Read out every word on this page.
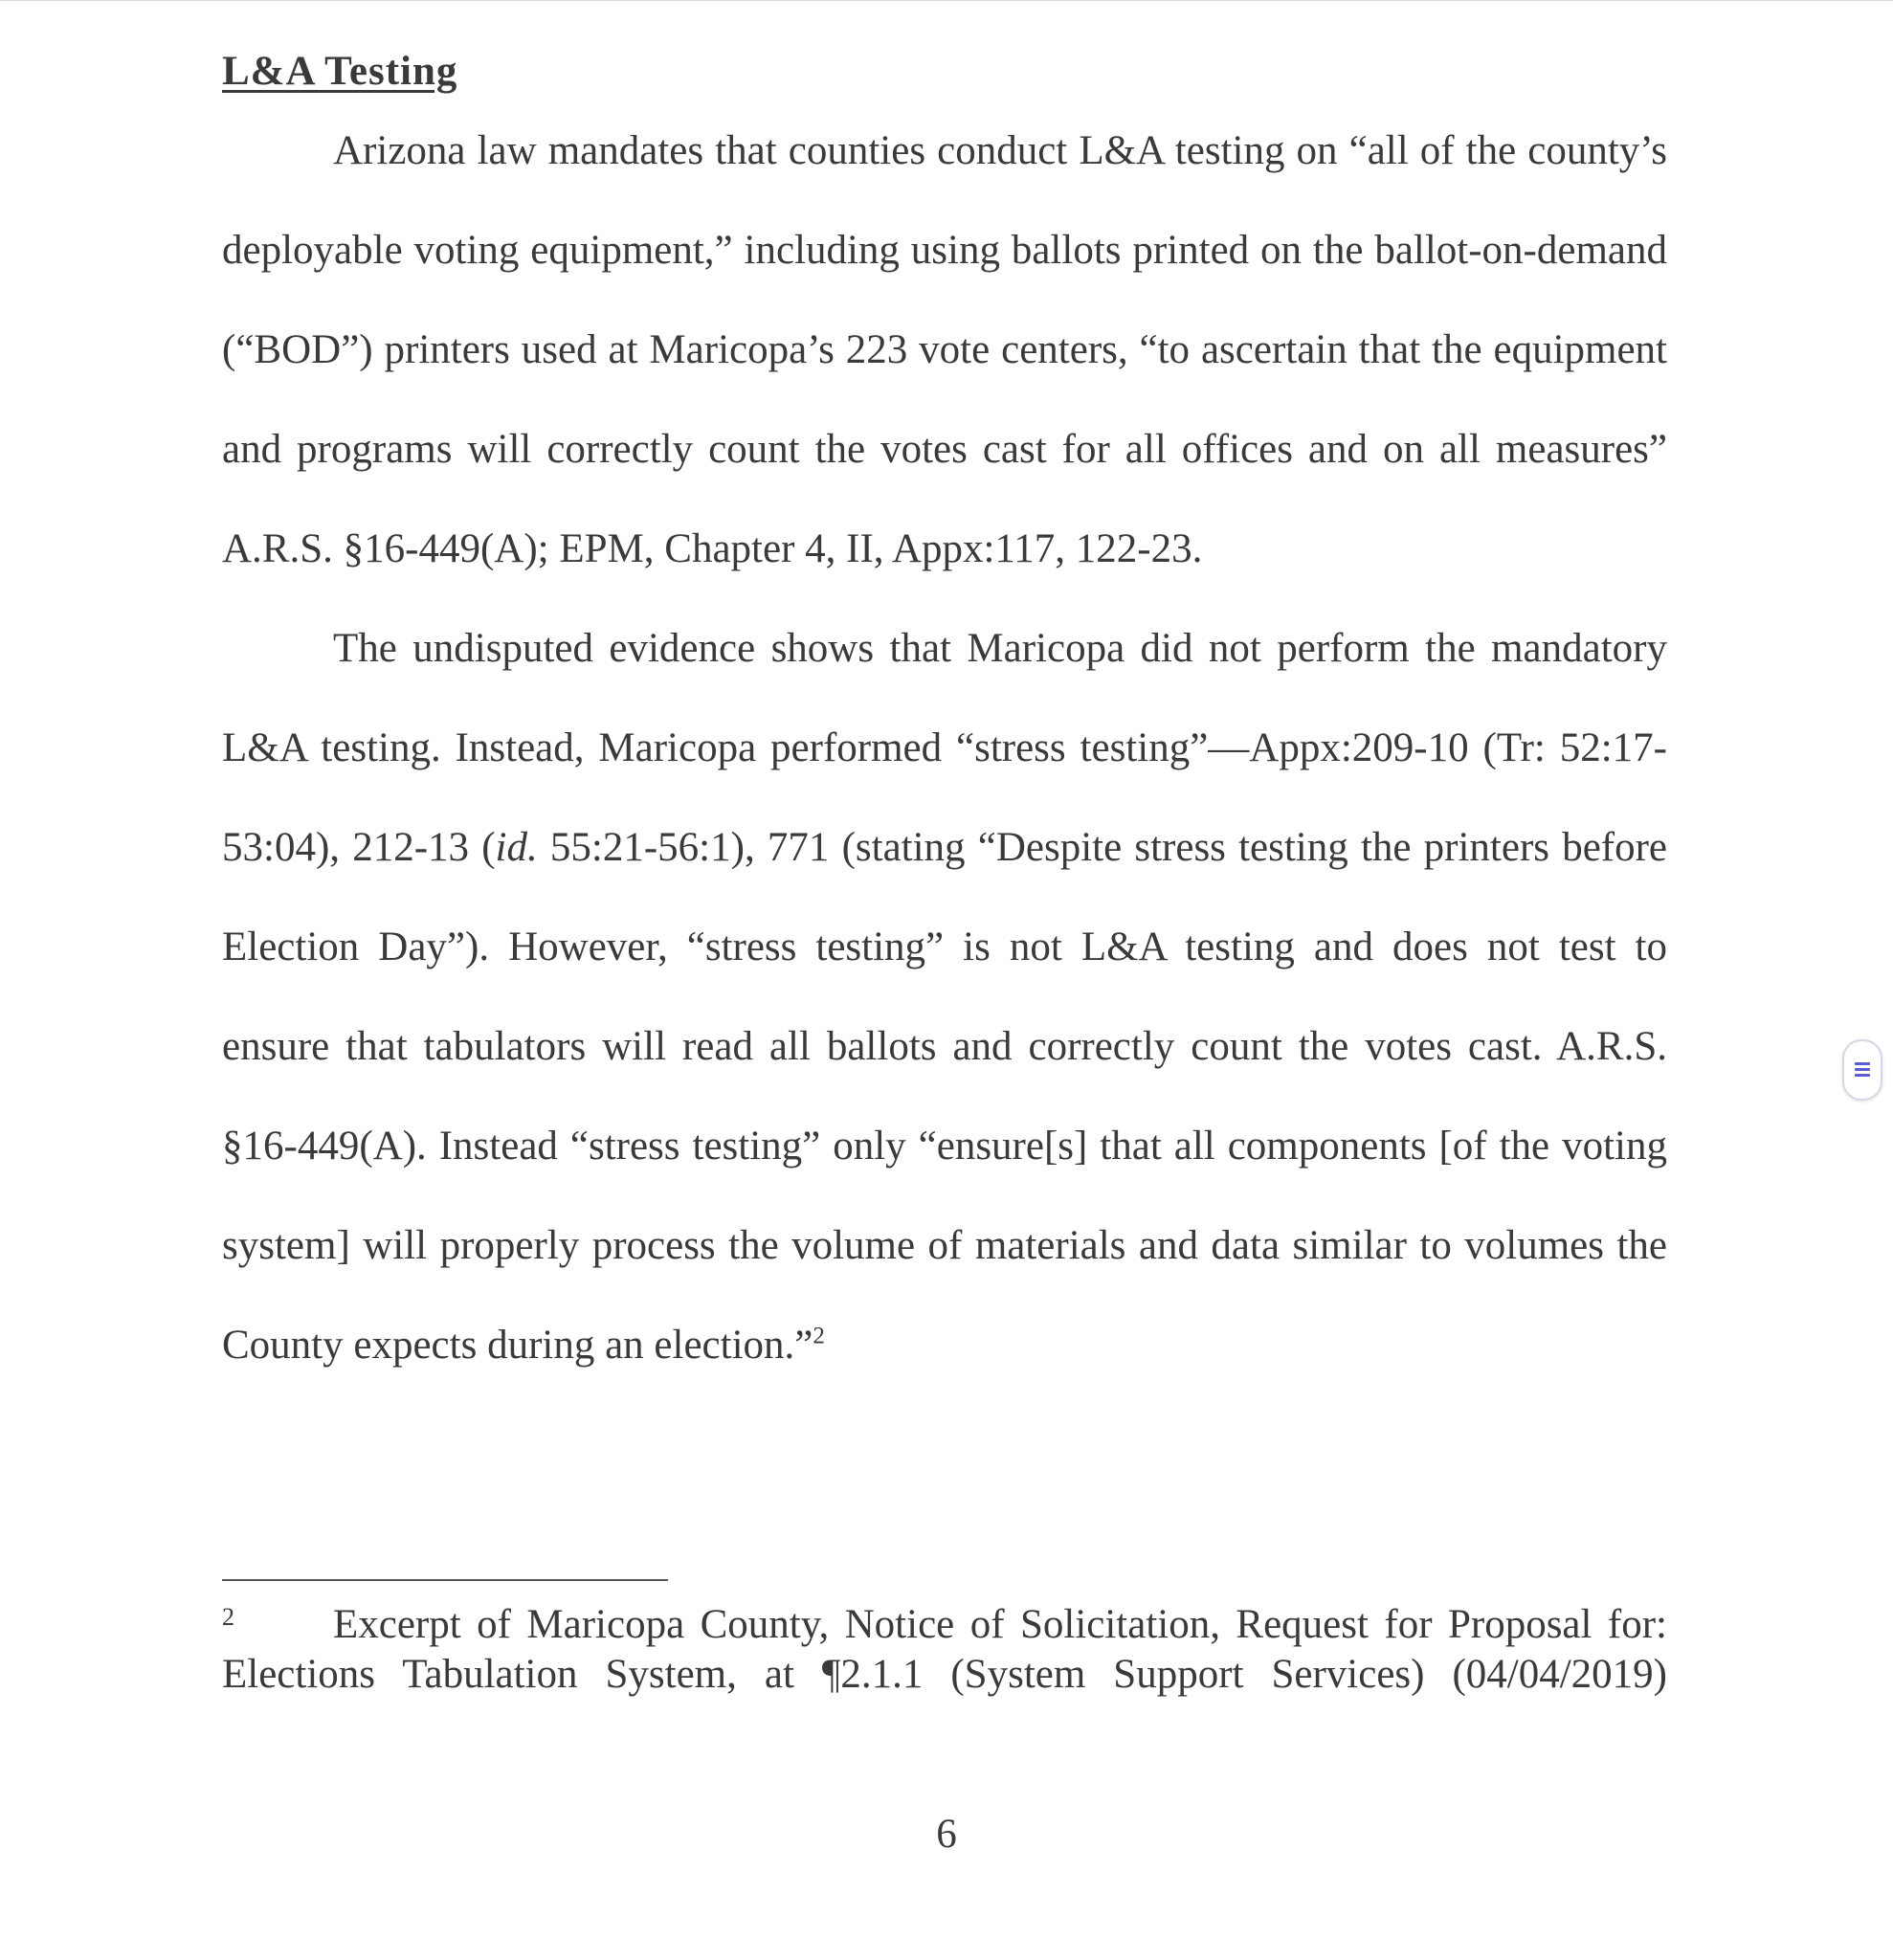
L&A Testing

Arizona law mandates that counties conduct L&A testing on “all of the county’s deployable voting equipment,” including using ballots printed on the ballot-on-demand (“BOD”) printers used at Maricopa’s 223 vote centers, “to ascertain that the equipment and programs will correctly count the votes cast for all offices and on all measures” A.R.S. §16-449(A); EPM, Chapter 4, II, Appx:117, 122-23.

The undisputed evidence shows that Maricopa did not perform the mandatory L&A testing. Instead, Maricopa performed “stress testing”—Appx:209-10 (Tr: 52:17-53:04), 212-13 (id. 55:21-56:1), 771 (stating “Despite stress testing the printers before Election Day”). However, “stress testing” is not L&A testing and does not test to ensure that tabulators will read all ballots and correctly count the votes cast. A.R.S. §16-449(A). Instead “stress testing” only “ensure[s] that all components [of the voting system] will properly process the volume of materials and data similar to volumes the County expects during an election.”$^2$

2	Excerpt of Maricopa County, Notice of Solicitation, Request for Proposal for:
Elections Tabulation System, at ¶2.1.1 (System Support Services) (04/04/2019)
6
